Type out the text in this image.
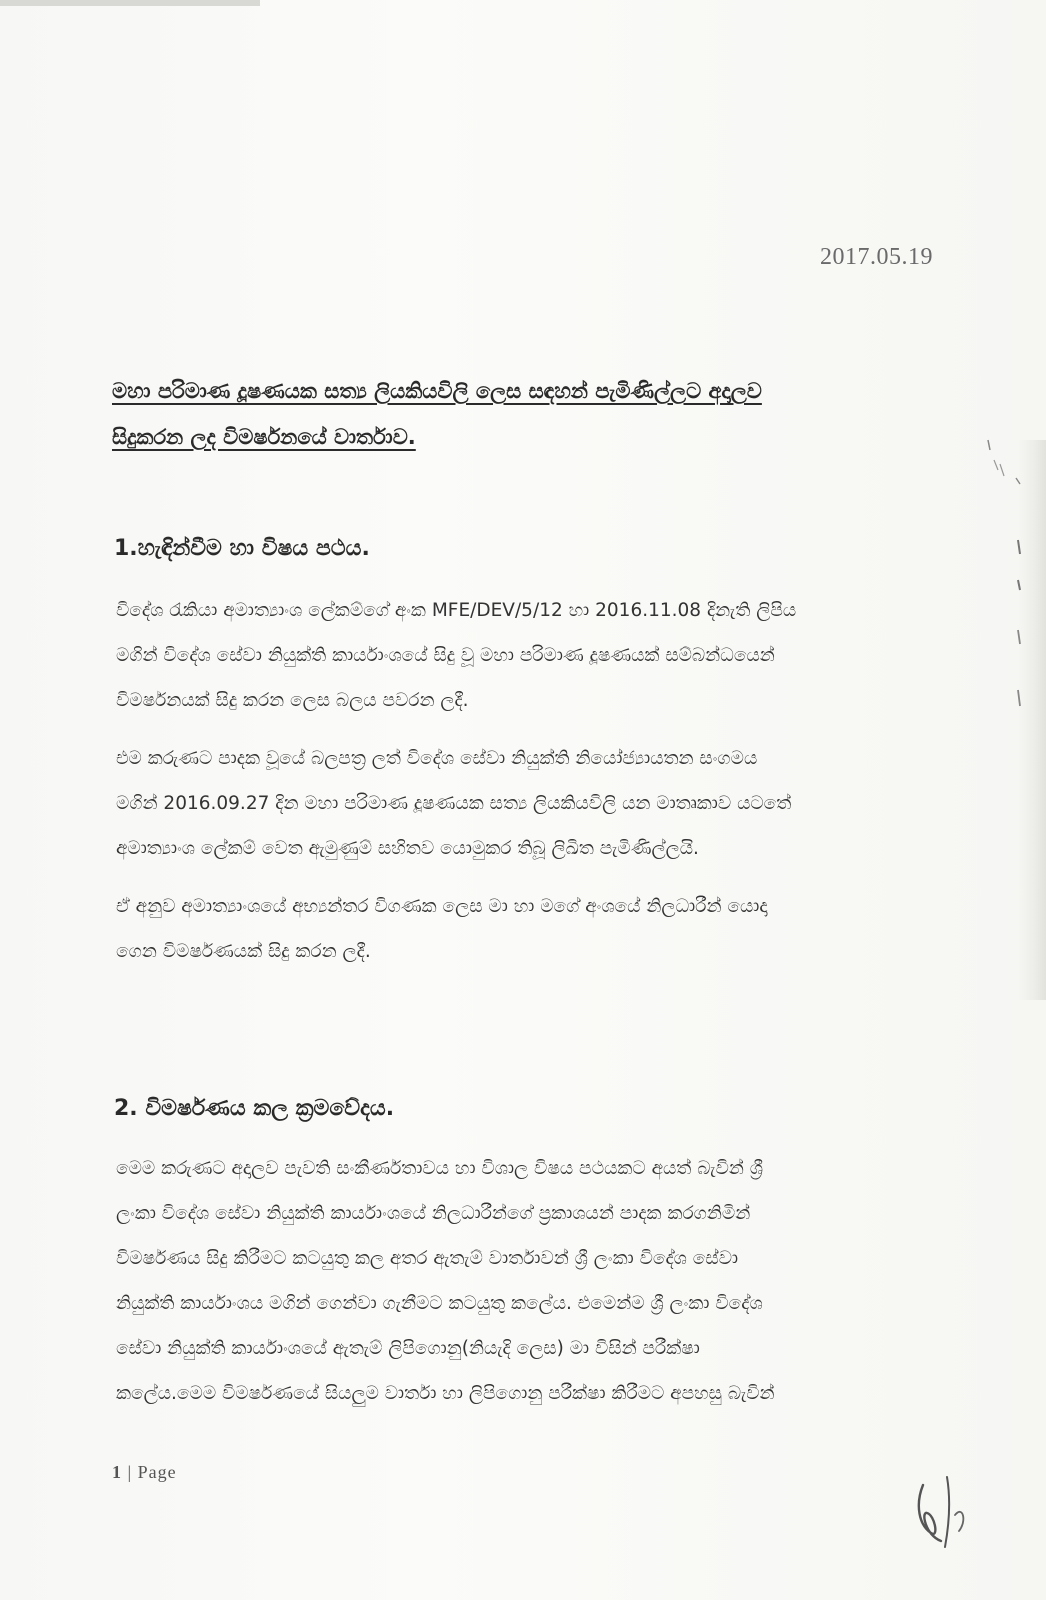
2017.05.19
මහා පරිමාණ දූෂණයක සත්‍ය ලියකියවිලි ලෙස සඳහන් පැමිණිල්ලට අදාලව
සිදුකරන ලද විමර්ෂනයේ වාර්තාව.
1.හැඳින්වීම හා විෂය පථය.
විදේශ රැකියා අමාත්‍යාංශ ලේකම්ගේ අංක MFE/DEV/5/12 හා 2016.11.08 දිනැති ලිපිය
මගින් විදේශ සේවා නියුක්ති කාර්යාංශයේ සිදු වූ මහා පරිමාණ දූෂණයක් සම්බන්ධයෙන්
විමර්ෂනයක් සිදු කරන ලෙස බලය පවරන ලදී.
එම කරුණට පාදක වූයේ බලපත්‍ර ලත් විදේශ සේවා නියුක්ති නියෝජ්‍යායතන සංගමය
මගින් 2016.09.27 දින මහා පරිමාණ දූෂණයක සත්‍ය ලියකියවිලි යන මාතෘකාව යටතේ
අමාත්‍යාංශ ලේකම් වෙත ඇමුණුම් සහිතව යොමුකර තිබූ ලිඛිත පැමිණිල්ලයි.
ඒ අනුව අමාත්‍යාංශයේ අභ්‍යන්තර විගණක ලෙස මා හා මගේ අංශයේ නිලධාරීන් යොදා
ගෙන විමර්ෂණයක් සිදු කරන ලදී.
2. විමර්ෂණය කල ක්‍රමවේදය.
මෙම කරුණට අදාලව පැවති සංකීර්ණතාවය හා විශාල විෂය පථයකට අයත් බැවින් ශ්‍රී
ලංකා විදේශ සේවා නියුක්ති කාර්යාංශයේ නිලධාරීන්ගේ ප්‍රකාශයන් පාදක කරගනිමින්
විමර්ෂණය සිදු කිරීමට කටයුතු කල අතර ඇතැම් වාර්තාවන් ශ්‍රී ලංකා විදේශ සේවා
නියුක්ති කාර්යාංශය මගින් ගෙන්වා ගැනීමට කටයුතු කලේය. එමෙන්ම ශ්‍රී ලංකා විදේශ
සේවා නියුක්ති කාර්යාංශයේ ඇතැම් ලිපිගොනු(නියැදි ලෙස) මා විසින් පරීක්ෂා
කලේය.මෙම විමර්ෂණයේ සියලුම වාර්තා හා ලිපිගොනු පරීක්ෂා කිරීමට අපහසු බැවින්
1 | Page
